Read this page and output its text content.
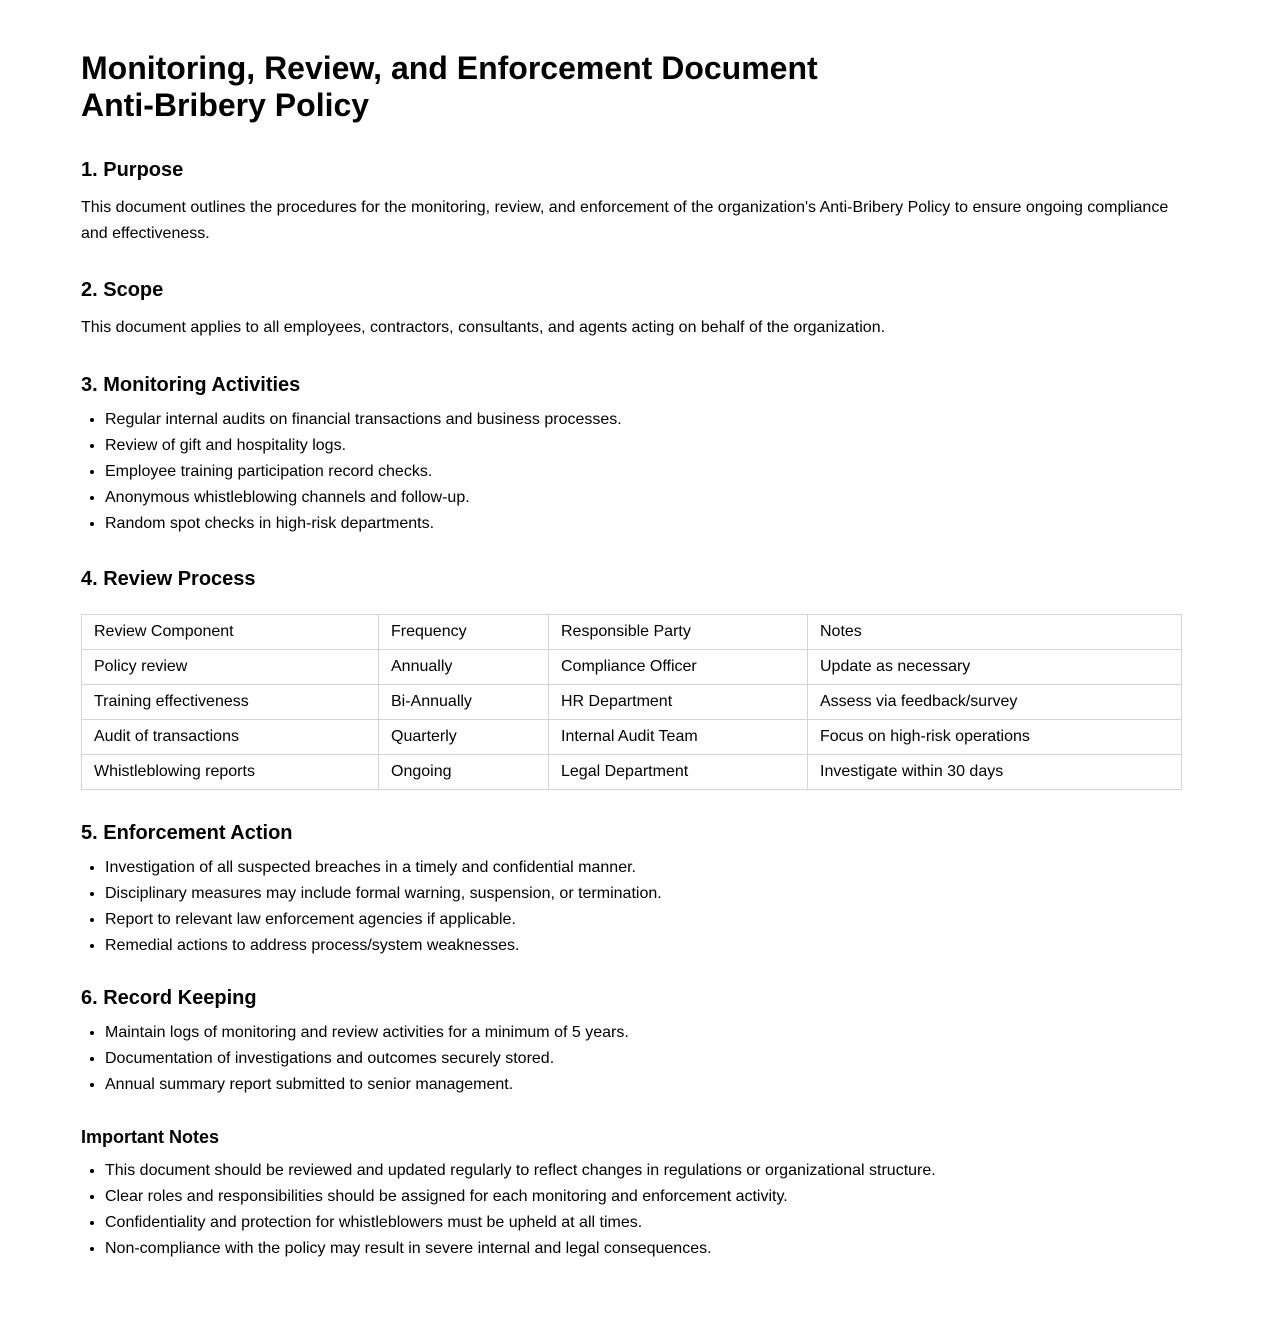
Monitoring, Review, and Enforcement Document
Anti-Bribery Policy
1. Purpose

This document outlines the procedures for the monitoring, review, and enforcement of the organization's Anti-Bribery Policy to ensure ongoing compliance and effectiveness.

2. Scope

This document applies to all employees, contractors, consultants, and agents acting on behalf of the organization.

3. Monitoring Activities
• Regular internal audits on financial transactions and business processes.
• Review of gift and hospitality logs.
• Employee training participation record checks.
• Anonymous whistleblowing channels and follow-up.
• Random spot checks in high-risk departments.
4. Review Process
Review Component	Frequency	Responsible Party	Notes
Policy review	Annually	Compliance Officer	Update as necessary
Training effectiveness	Bi-Annually	HR Department	Assess via feedback/survey
Audit of transactions	Quarterly	Internal Audit Team	Focus on high-risk operations
Whistleblowing reports	Ongoing	Legal Department	Investigate within 30 days
5. Enforcement Action
• Investigation of all suspected breaches in a timely and confidential manner.
• Disciplinary measures may include formal warning, suspension, or termination.
• Report to relevant law enforcement agencies if applicable.
• Remedial actions to address process/system weaknesses.
6. Record Keeping
• Maintain logs of monitoring and review activities for a minimum of 5 years.
• Documentation of investigations and outcomes securely stored.
• Annual summary report submitted to senior management.
Important Notes
• This document should be reviewed and updated regularly to reflect changes in regulations or organizational structure.
• Clear roles and responsibilities should be assigned for each monitoring and enforcement activity.
• Confidentiality and protection for whistleblowers must be upheld at all times.
• Non-compliance with the policy may result in severe internal and legal consequences.
